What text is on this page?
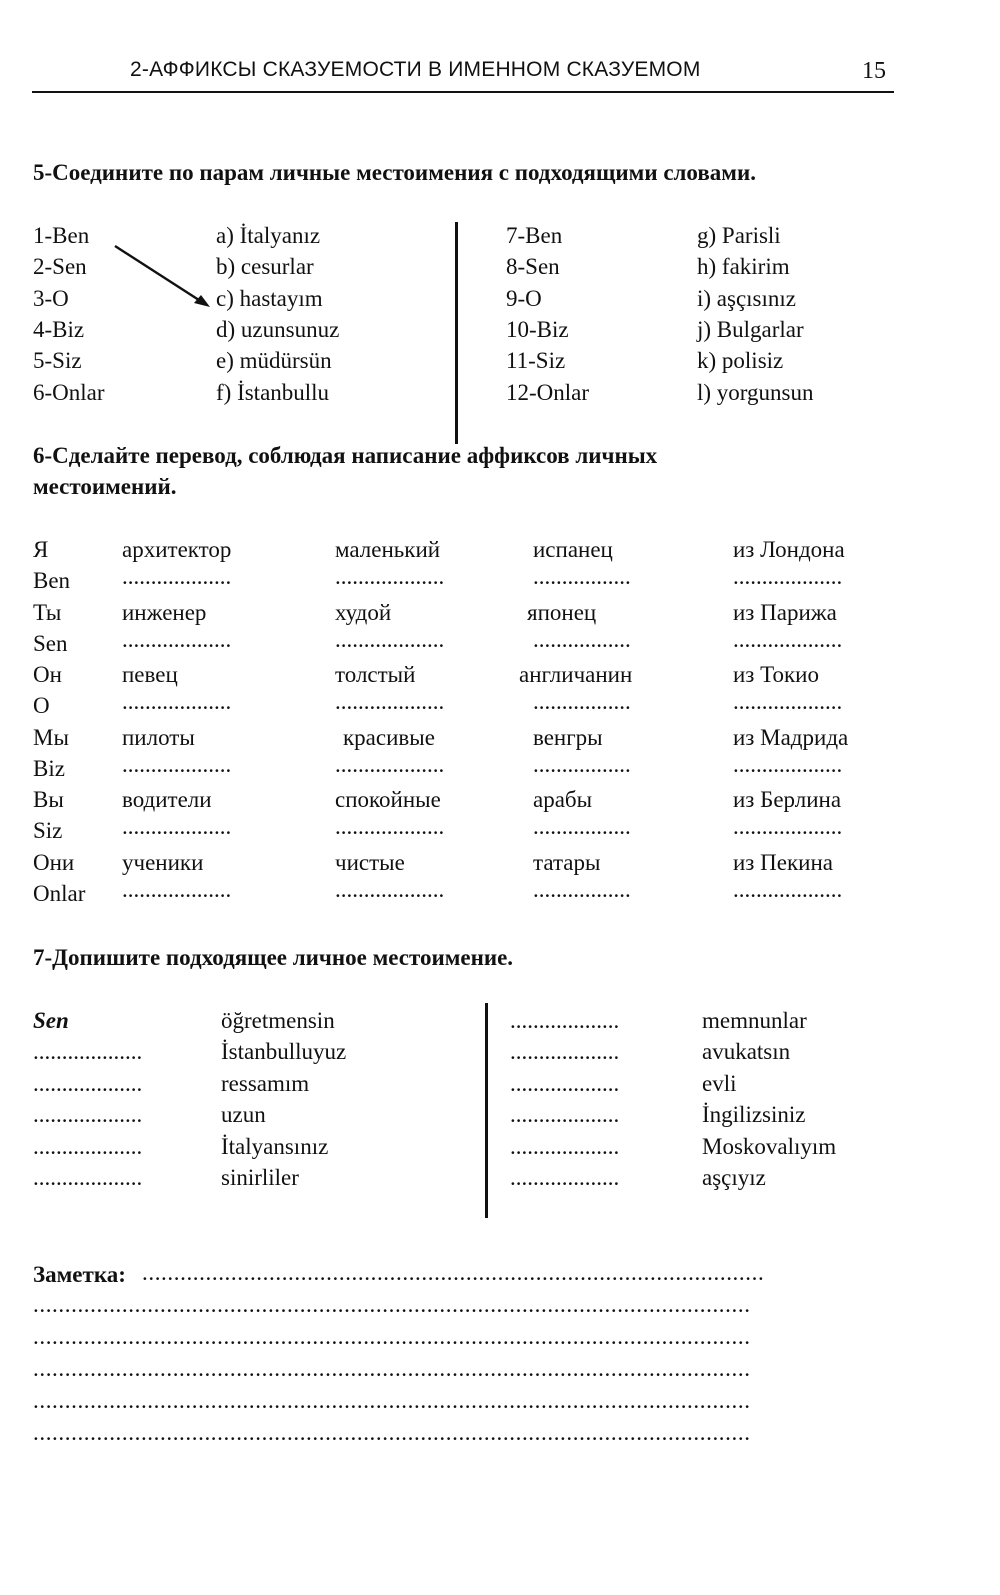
2-АФФИКСЫ СКАЗУЕМОСТИ В ИМЕННОМ СКАЗУЕМОМ	15
5-Соедините по парам личные местоимения с подходящими словами.
1-Ben
2-Sen
3-O
4-Biz
5-Siz
6-Onlar
a) İtalyanız
b) cesurlar
c) hastayım
d) uzunsunuz
e) müdürsün
f) İstanbullu
7-Ben
8-Sen
9-O
10-Biz
11-Siz
12-Onlar
g) Parisli
h) fakirim
i) aşçısınız
j) Bulgarlar
k) polisiz
l) yorgunsun
6-Сделайте перевод, соблюдая написание аффиксов личных
местоимений.
Я
Ben
архитектор
...................
маленький
...................
испанец
.................
из Лондона
...................
Ты
Sen
инженер
...................
худой
...................
японец
.................
из Парижа
...................
Он
O
певец
...................
толстый
...................
англичанин
.................
из Токио
...................
Мы
Biz
пилоты
...................
красивые
...................
венгры
.................
из Мадрида
...................
Вы
Siz
водители
...................
спокойные
...................
арабы
.................
из Берлина
...................
Они
Onlar
ученики
...................
чистые
...................
татары
.................
из Пекина
...................
7-Допишите подходящее личное местоимение.
Sen
...................
...................
...................
...................
...................
öğretmensin
İstanbulluyuz
ressamım
uzun
İtalyansınız
sinirliler
...................
...................
...................
...................
...................
...................
memnunlar
avukatsın
evli
İngilizsiniz
Moskovalıyım
aşçıyız
Заметка: ..................................................................................................
.................................................................................................................
.................................................................................................................
.................................................................................................................
.................................................................................................................
.................................................................................................................
